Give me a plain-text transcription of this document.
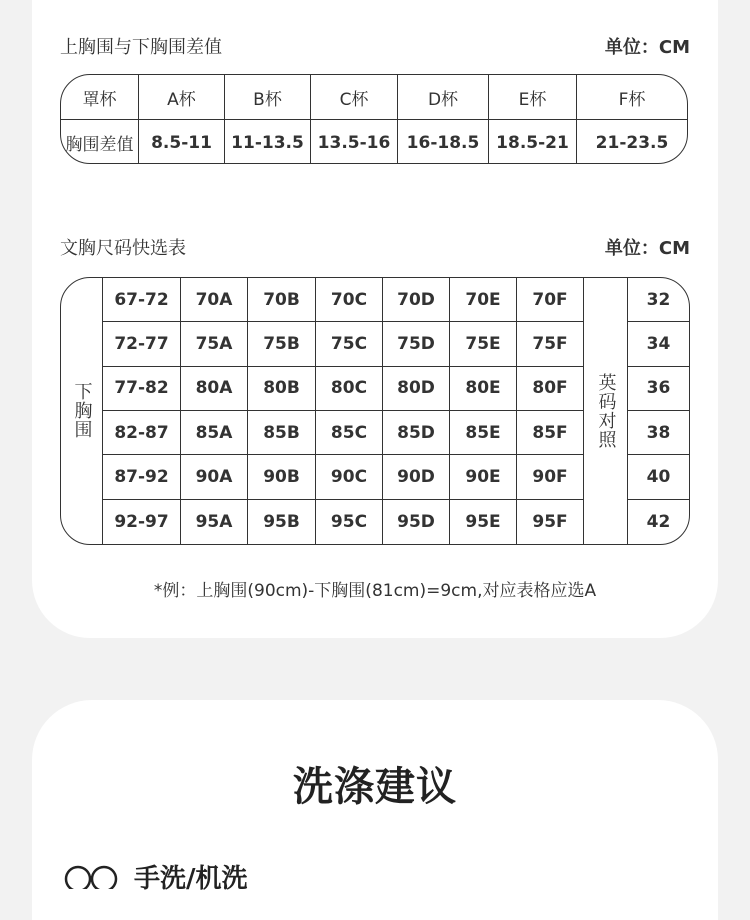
上胸围与下胸围差值	单位：CM
罩杯	A杯	B杯	C杯	D杯	E杯	F杯
胸围差值	8.5-11	11-13.5 13.5-16 16-18.5 18.5-21	21-23.5
文胸尺码快选表	单位：CM
下胸围	英码对照
67-72	70A	70B	70C	70D	70E	70F	32
72-77	75A	75B	75C	75D	75E	75F	34
77-82	80A	80B	80C	80D	80E	80F	36
82-87	85A	85B	85C	85D	85E	85F	38
87-92	90A	90B	90C	90D	90E	90F	40
92-97	95A	95B	95C	95D	95E	95F	42
*例：上胸围(90cm)-下胸围(81cm)=9cm,对应表格应选A
洗涤建议
手洗/机洗
